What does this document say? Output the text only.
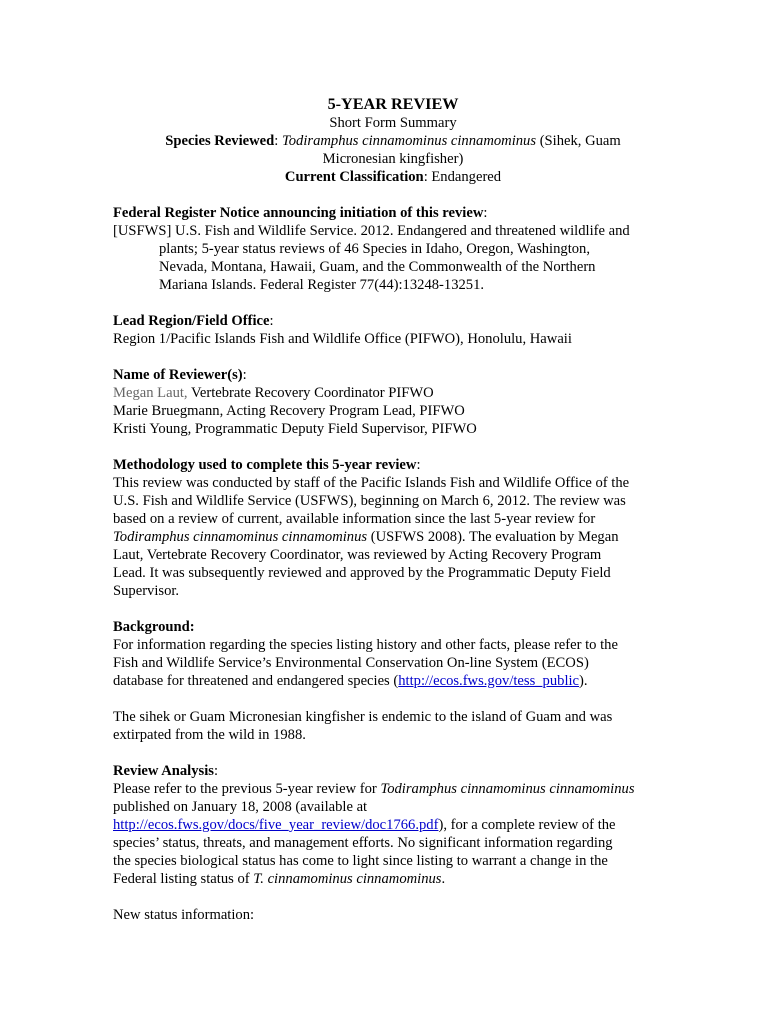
5-YEAR REVIEW

Short Form Summary

Species Reviewed: Todiramphus cinnamominus cinnamominus (Sihek, Guam

Micronesian kingfisher)

Current Classification: Endangered

Federal Register Notice announcing initiation of this review:

[USFWS] U.S. Fish and Wildlife Service. 2012. Endangered and threatened wildlife and

plants; 5-year status reviews of 46 Species in Idaho, Oregon, Washington,

Nevada, Montana, Hawaii, Guam, and the Commonwealth of the Northern

Mariana Islands. Federal Register 77(44):13248-13251.

Lead Region/Field Office:

Region 1/Pacific Islands Fish and Wildlife Office (PIFWO), Honolulu, Hawaii

Name of Reviewer(s):

Megan Laut, Vertebrate Recovery Coordinator PIFWO

Marie Bruegmann, Acting Recovery Program Lead, PIFWO

Kristi Young, Programmatic Deputy Field Supervisor, PIFWO

Methodology used to complete this 5-year review:

This review was conducted by staff of the Pacific Islands Fish and Wildlife Office of the

U.S. Fish and Wildlife Service (USFWS), beginning on March 6, 2012. The review was

based on a review of current, available information since the last 5-year review for

Todiramphus cinnamominus cinnamominus (USFWS 2008). The evaluation by Megan

Laut, Vertebrate Recovery Coordinator, was reviewed by Acting Recovery Program

Lead. It was subsequently reviewed and approved by the Programmatic Deputy Field

Supervisor.

Background:

For information regarding the species listing history and other facts, please refer to the

Fish and Wildlife Service’s Environmental Conservation On-line System (ECOS)

database for threatened and endangered species (http://ecos.fws.gov/tess_public).

The sihek or Guam Micronesian kingfisher is endemic to the island of Guam and was

extirpated from the wild in 1988.

Review Analysis:

Please refer to the previous 5-year review for Todiramphus cinnamominus cinnamominus

published on January 18, 2008 (available at

http://ecos.fws.gov/docs/five_year_review/doc1766.pdf), for a complete review of the

species’ status, threats, and management efforts. No significant information regarding

the species biological status has come to light since listing to warrant a change in the

Federal listing status of T. cinnamominus cinnamominus.

New status information:
